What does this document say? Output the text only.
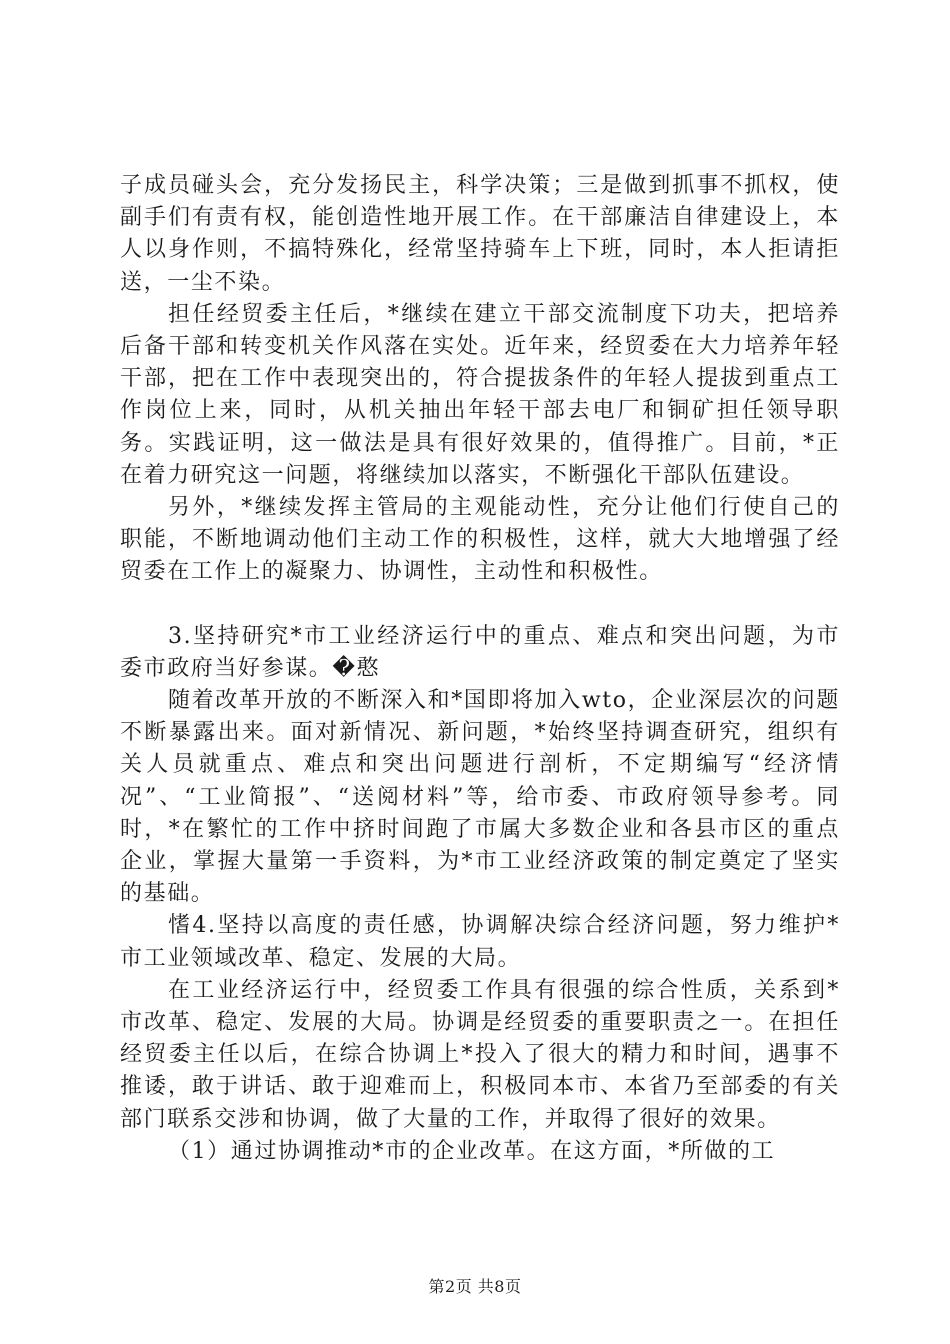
子成员碰头会，充分发扬民主，科学决策；三是做到抓事不抓权，使副手们有责有权，能创造性地开展工作。在干部廉洁自律建设上，本人以身作则，不搞特殊化，经常坚持骑车上下班，同时，本人拒请拒送，一尘不染。

担任经贸委主任后，*继续在建立干部交流制度下功夫，把培养后备干部和转变机关作风落在实处。近年来，经贸委在大力培养年轻干部，把在工作中表现突出的，符合提拔条件的年轻人提拔到重点工作岗位上来，同时，从机关抽出年轻干部去电厂和铜矿担任领导职务。实践证明，这一做法是具有很好效果的，值得推广。目前，*正在着力研究这一问题，将继续加以落实，不断强化干部队伍建设。

另外，*继续发挥主管局的主观能动性，充分让他们行使自己的职能，不断地调动他们主动工作的积极性，这样，就大大地增强了经贸委在工作上的凝聚力、协调性，主动性和积极性。

3.坚持研究*市工业经济运行中的重点、难点和突出问题，为市委市政府当好参谋。�憨

随着改革开放的不断深入和*国即将加入wto，企业深层次的问题不断暴露出来。面对新情况、新问题，*始终坚持调查研究，组织有关人员就重点、难点和突出问题进行剖析，不定期编写“经济情况”、“工业简报”、“送阅材料”等，给市委、市政府领导参考。同时，*在繁忙的工作中挤时间跑了市属大多数企业和各县市区的重点企业，掌握大量第一手资料，为*市工业经济政策的制定奠定了坚实的基础。

愭4.坚持以高度的责任感，协调解决综合经济问题，努力维护*市工业领域改革、稳定、发展的大局。

在工业经济运行中，经贸委工作具有很强的综合性质，关系到*市改革、稳定、发展的大局。协调是经贸委的重要职责之一。在担任经贸委主任以后，在综合协调上*投入了很大的精力和时间，遇事不推诿，敢于讲话、敢于迎难而上，积极同本市、本省乃至部委的有关部门联系交涉和协调，做了大量的工作，并取得了很好的效果。

（1）通过协调推动*市的企业改革。在这方面，*所做的工

第2页 共8页
